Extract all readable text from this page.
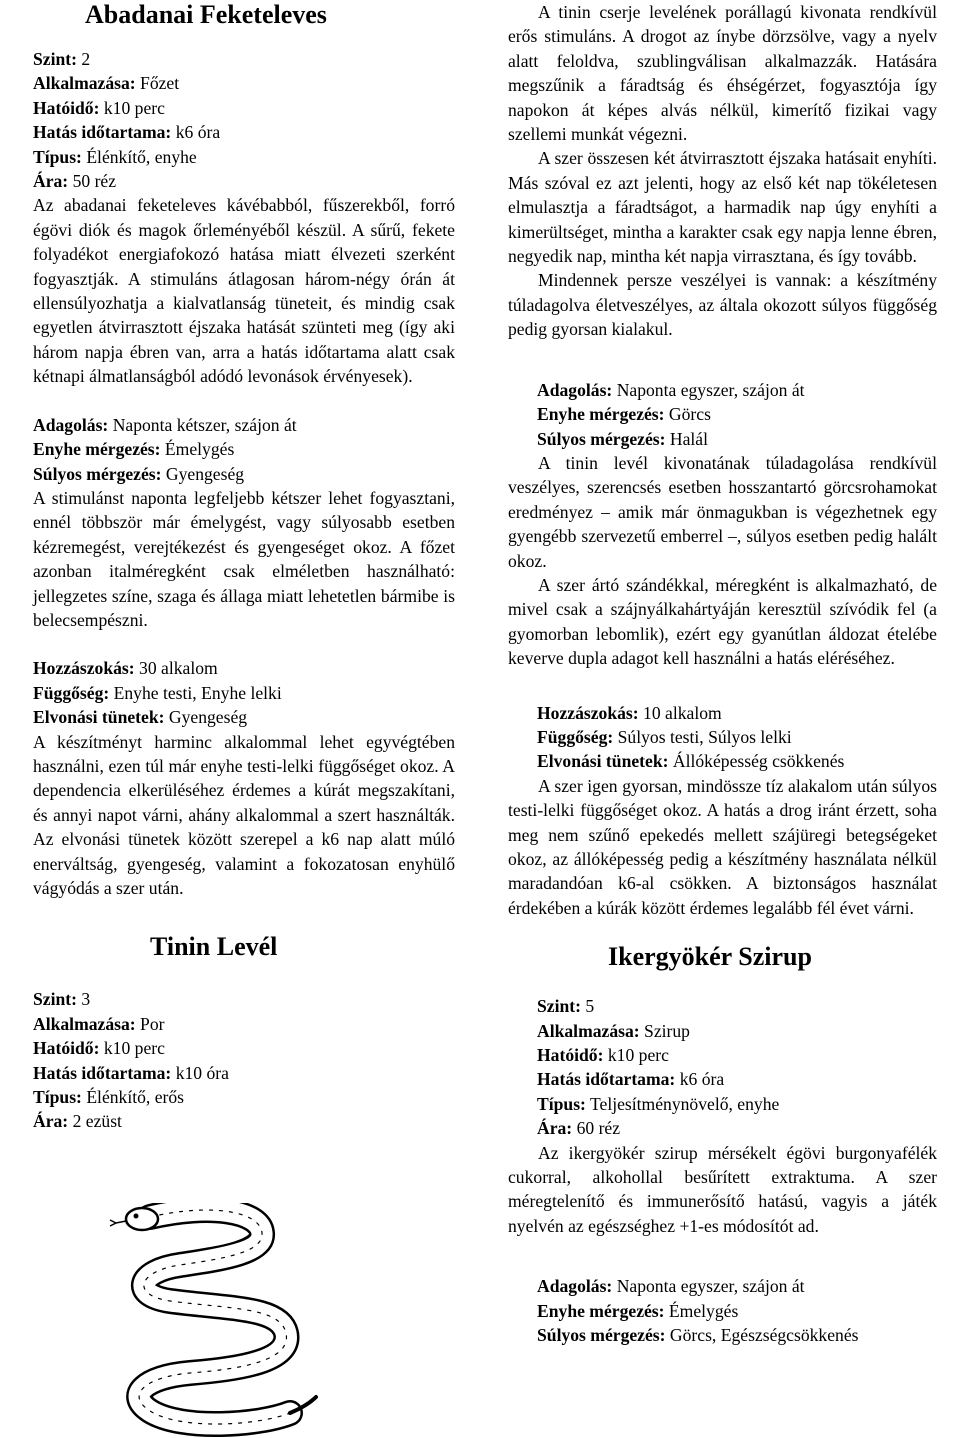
Abadanai Feketeleves
Szint: 2
Alkalmazása: Főzet
Hatóidő: k10 perc
Hatás időtartama: k6 óra
Típus: Élénkítő, enyhe
Ára: 50 réz

Az abadanai feketeleves kávébabból, fűszerekből, forró égövi diók és magok őrleményéből készül. A sűrű, fekete folyadékot energiafokozó hatása miatt élvezeti szerként fogyasztják. A stimuláns átlagosan három-négy órán át ellensúlyozhatja a kialvatlanság tüneteit, és mindig csak egyetlen átvirrasztott éjszaka hatását szünteti meg (így aki három napja ébren van, arra a hatás időtartama alatt csak kétnapi álmatlanságból adódó levonások érvényesek).

Adagolás: Naponta kétszer, szájon át
Enyhe mérgezés: Émelygés
Súlyos mérgezés: Gyengeség

A stimulánst naponta legfeljebb kétszer lehet fogyasztani, ennél többször már émelygést, vagy súlyosabb esetben kézremegést, verejtékezést és gyengeséget okoz. A főzet azonban italméregként csak elméletben használható: jellegzetes színe, szaga és állaga miatt lehetetlen bármibe is belecsempészni.

Hozzászokás: 30 alkalom
Függőség: Enyhe testi, Enyhe lelki
Elvonási tünetek: Gyengeség

A készítményt harminc alkalommal lehet egyvégtében használni, ezen túl már enyhe testi-lelki függőséget okoz. A dependencia elkerüléséhez érdemes a kúrát megszakítani, és annyi napot várni, ahány alkalommal a szert használták. Az elvonási tünetek között szerepel a k6 nap alatt múló enerváltság, gyengeség, valamint a fokozatosan enyhülő vágyódás a szer után.

Tinin Levél
Szint: 3
Alkalmazása: Por
Hatóidő: k10 perc
Hatás időtartama: k10 óra
Típus: Élénkítő, erős
Ára: 2 ezüst

A tinin cserje levelének porállagú kivonata rendkívül erős stimuláns. A drogot az ínybe dörzsölve, vagy a nyelv alatt feloldva, szublingválisan alkalmazzák. Hatására megszűnik a fáradtság és éhségérzet, fogyasztója így napokon át képes alvás nélkül, kimerítő fizikai vagy szellemi munkát végezni.

A szer összesen két átvirrasztott éjszaka hatásait enyhíti. Más szóval ez azt jelenti, hogy az első két nap tökéletesen elmulasztja a fáradtságot, a harmadik nap úgy enyhíti a kimerültséget, mintha a karakter csak egy napja lenne ébren, negyedik nap, mintha két napja virrasztana, és így tovább.

Mindennek persze veszélyei is vannak: a készítmény túladagolva életveszélyes, az általa okozott súlyos függőség pedig gyorsan kialakul.

Adagolás: Naponta egyszer, szájon át
Enyhe mérgezés: Görcs
Súlyos mérgezés: Halál

A tinin levél kivonatának túladagolása rendkívül veszélyes, szerencsés esetben hosszantartó görcsrohamokat eredményez – amik már önmagukban is végezhetnek egy gyengébb szervezetű emberrel –, súlyos esetben pedig halált okoz.

A szer ártó szándékkal, méregként is alkalmazható, de mivel csak a szájnyálkahártyáján keresztül szívódik fel (a gyomorban lebomlik), ezért egy gyanútlan áldozat ételébe keverve dupla adagot kell használni a hatás eléréséhez.

Hozzászokás: 10 alkalom
Függőség: Súlyos testi, Súlyos lelki
Elvonási tünetek: Állóképesség csökkenés

A szer igen gyorsan, mindössze tíz alakalom után súlyos testi-lelki függőséget okoz. A hatás a drog iránt érzett, soha meg nem szűnő epekedés mellett szájüregi betegségeket okoz, az állóképesség pedig a készítmény használata nélkül maradandóan k6-al csökken. A biztonságos használat érdekében a kúrák között érdemes legalább fél évet várni.

Ikergyökér Szirup
Szint: 5
Alkalmazása: Szirup
Hatóidő: k10 perc
Hatás időtartama: k6 óra
Típus: Teljesítménynövelő, enyhe
Ára: 60 réz

Az ikergyökér szirup mérsékelt égövi burgonyafélék cukorral, alkohollal besűrített extraktuma. A szer méregtelenítő és immunerősítő hatású, vagyis a játék nyelvén az egészséghez +1-es módosítót ad.

Adagolás: Naponta egyszer, szájon át
Enyhe mérgezés: Émelygés
Súlyos mérgezés: Görcs, Egészségcsökkenés
